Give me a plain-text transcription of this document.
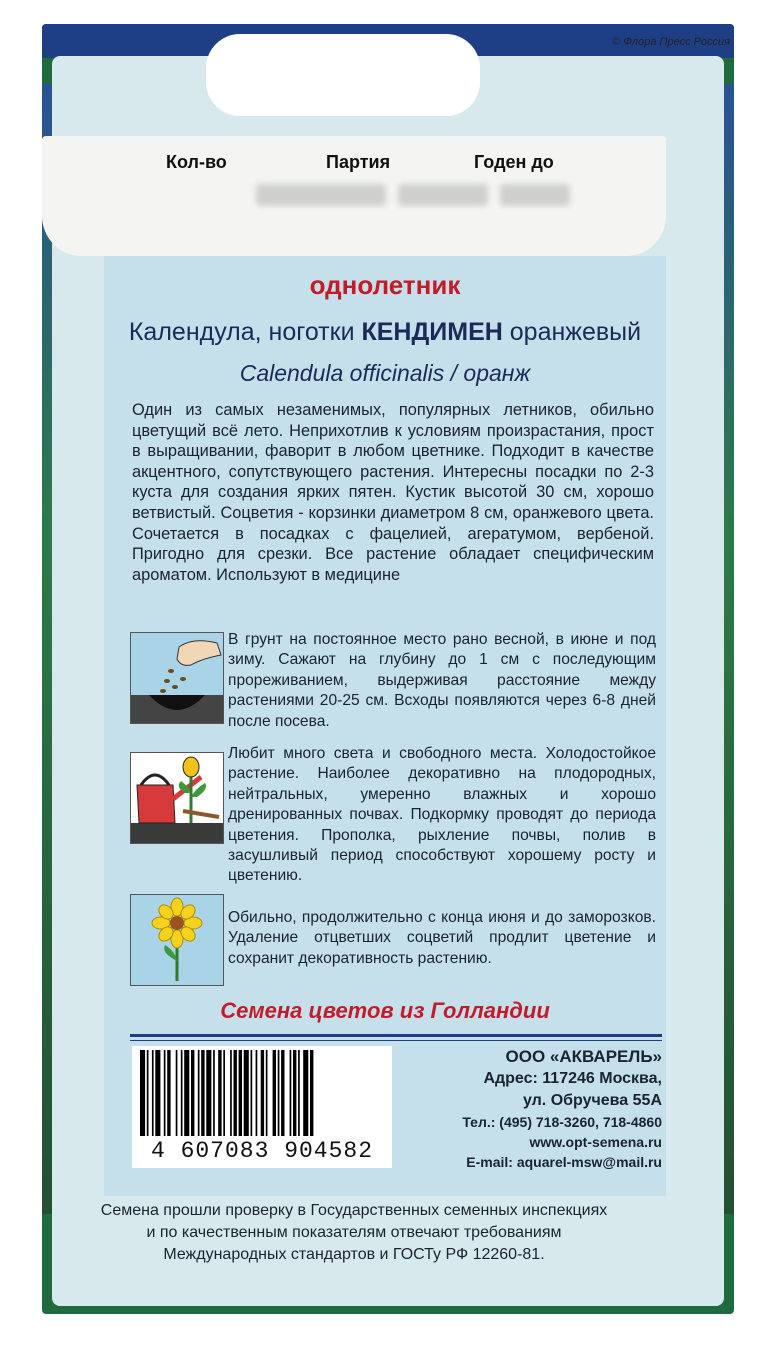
© Флора Пресс Россия
Кол-во	Партия	Годен до
однолетник
Календула, ноготки КЕНДИМЕН оранжевый
Calendula officinalis / оранж

Один из самых незаменимых, популярных летников, обильно цветущий всё лето. Неприхотлив к условиям произрастания, прост в выращивании, фаворит в любом цветнике. Подходит в качестве акцентного, сопутствующего растения. Интересны посадки по 2-3 куста для создания ярких пятен. Кустик высотой 30 см, хорошо ветвистый. Соцветия - корзинки диаметром 8 см, оранжевого цвета. Сочетается в посадках с фацелией, агератумом, вербеной. Пригодно для срезки. Все растение обладает специфическим ароматом. Используют в медицине

В грунт на постоянное место рано весной, в июне и под зиму. Сажают на глубину до 1 см с последующим прореживанием, выдерживая расстояние между растениями 20-25 см. Всходы появляются через 6-8 дней после посева.

Любит много света и свободного места. Холодостойкое растение. Наиболее декоративно на плодородных, нейтральных, умеренно влажных и хорошо дренированных почвах. Подкормку проводят до периода цветения. Прополка, рыхление почвы, полив в засушливый период способствуют хорошему росту и цветению.

Обильно, продолжительно с конца июня и до заморозков. Удаление отцветших соцветий продлит цветение и сохранит декоративность растению.

Семена цветов из Голландии
4 607083 904582
ООО «АКВАРЕЛЬ»
Адрес: 117246 Москва,
ул. Обручева 55А
Тел.: (495) 718-3260, 718-4860
www.opt-semena.ru
E-mail: aquarel-msw@mail.ru
Семена прошли проверку в Государственных семенных инспекциях
и по качественным показателям отвечают требованиям
Международных стандартов и ГОСТу РФ 12260-81.
